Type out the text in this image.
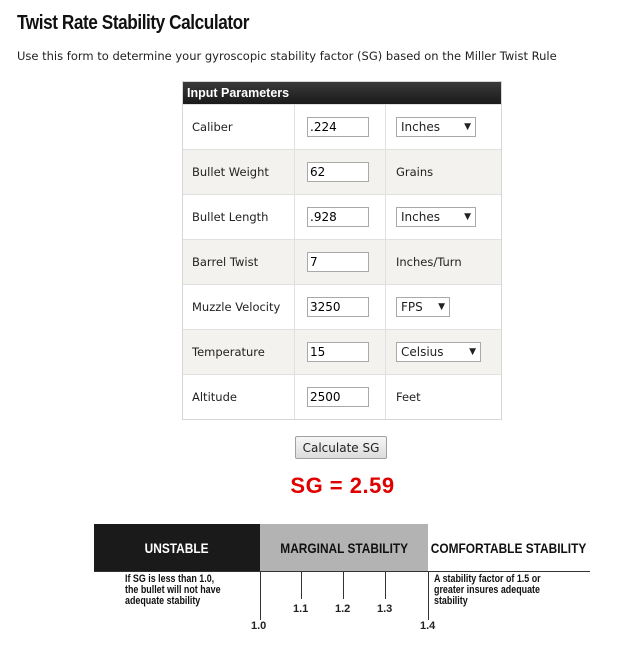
Twist Rate Stability Calculator
Use this form to determine your gyroscopic stability factor (SG) based on the Miller Twist Rule
Input Parameters
Caliber
.224	Inches	▼
Bullet Weight
62	Grains
Bullet Length
.928	Inches	▼
Barrel Twist
7	Inches/Turn
Muzzle Velocity
3250	FPS ▼
Temperature
15	Celsius	▼
Altitude
2500	Feet
Calculate SG
SG = 2.59
UNSTABLE	MARGINAL STABILITY COMFORTABLE STABILITY
If SG is less than 1.0,
the bullet will not have
adequate stability
A stability factor of 1.5 or
greater insures adequate
stability
1.1 1.2 1.3
1.0	1.4
